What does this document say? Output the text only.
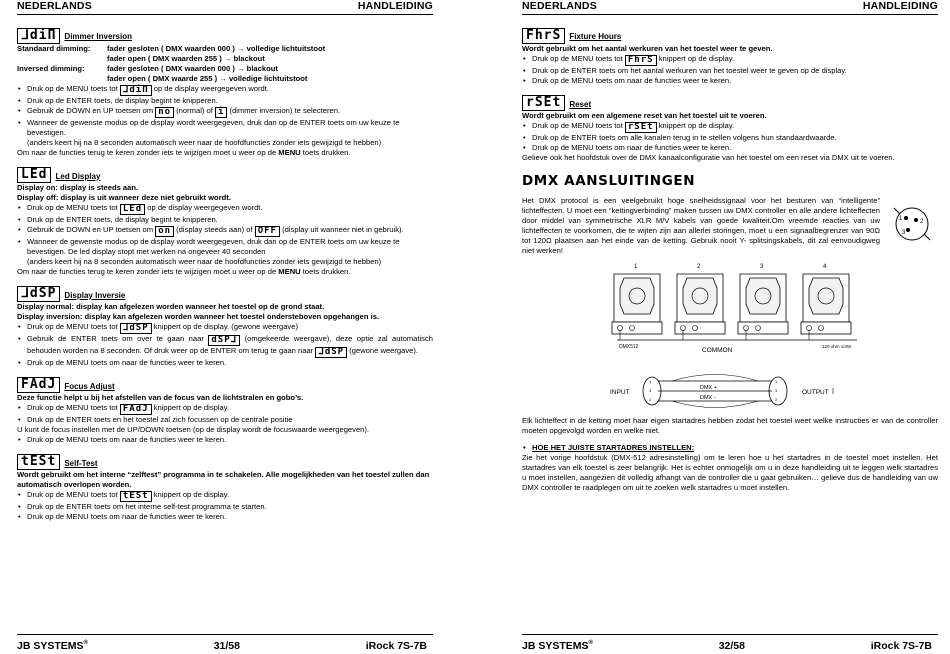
NEDERLANDS	HANDLEIDING
ᒧdiΠ	Dimmer Inversion
Standaard dimming:	fader gesloten ( DMX waarden 000 ) → volledige lichtuitstoot
fader open ( DMX waarden 255 ) → blackout
Inversed dimming:	fader gesloten ( DMX waarden 000 ) → blackout
fader open ( DMX waarde 255 ) → volledige lichtuitstoot
• Druk op de MENU toets tot ᒧdiΠ op de display weergegeven wordt.
• Druk op de ENTER toets, de display begint te knipperen.
• Gebruik de DOWN en UP toetsen om no (normal) of i (dimmer inversion) te selecteren.
• Wanneer de gewenste modus op de display wordt weergegeven, druk dan op de ENTER toets om uw keuze te bevestigen.

(anders keert hij na 8 seconden automatisch weer naar de hoofdfuncties zonder iets gewijzigd te hebben)

Om naar de functies terug te keren zonder iets te wijzigen moet u weer op de MENU toets drukken.

LEd	Led Display

Display on: display is steeds aan.

Display off: display is uit wanneer deze niet gebruikt wordt.

• Druk op de MENU toets tot LEd op de display weergegeven wordt.
• Druk op de ENTER toets, de display begint te knipperen.
• Gebruik de DOWN en UP toetsen om on (display steeds aan) of OFF (display uit wanneer niet in gebruik).
• Wanneer de gewenste modus op de display wordt weergegeven, druk dan op de ENTER toets om uw keuze te bevestigen. De led display stopt met werken na ongeveer 40 seconden

(anders keert hij na 8 seconden automatisch weer naar de hoofdfuncties zonder iets gewijzigd te hebben)

Om naar de functies terug te keren zonder iets te wijzigen moet u weer op de MENU toets drukken.

ᒧdSP	Display Inversie

Display normal: display kan afgelezen worden wanneer het toestel op de grond staat.

Display inversion: display kan afgelezen worden wanneer het toestel ondersteboven opgehangen is.

• Druk op de MENU toets tot ᒧdSP knippert op de display. (gewone weergave)
• Gebruik de ENTER toets om over te gaan naar dSPᒧ (omgekeerde weergave), deze optie zal automatisch behouden worden na 8 seconden. Of druk weer op de ENTER om terug te gaan naar ᒧdSP (gewone weergave).
• Druk op de MENU toets om naar de functies weer te keren.
FAdJ	Focus Adjust

Deze functie helpt u bij het afstellen van de focus van de lichtstralen en gobo’s.

• Druk op de MENU toets tot FAdJ knippert op de display.
• Druk op de ENTER toets en het toestel zal zich focussen op de centrale positie

U kunt de focus instellen met de UP/DOWN toetsen (op de display wordt de focuswaarde weergegeven).

• Druk op de MENU toets om naar de functies weer te keren.
tESt	Self-Test

Wordt gebruikt om het interne “zelftest” programma in te schakelen. Alle mogelijkheden van het toestel zullen dan automatisch overlopen worden.

• Druk op de MENU toets tot tESt knippert op de display.
• Druk op de ENTER toets om het interne self-test programma te starten.
• Druk op de MENU toets om naar de functies weer te keren.
JB SYSTEMS®	31/58	iRock 7S-7B
NEDERLANDS	HANDLEIDING
FhrS	Fixture Hours

Wordt gebruikt om het aantal werkuren van het toestel weer te geven.

• Druk op de MENU toets tot FhrS knippert op de display.
• Druk op de ENTER toets om het aantal werkuren van het toestel weer te geven op de display.
• Druk op de MENU toets om naar de functies weer te keren.
rSEt	Reset

Wordt gebruikt om een algemene reset van het toestel uit te voeren.

• Druk op de MENU toets tot rSEt knippert op de display.
• Druk op de ENTER toets om alle kanalen terug in te stellen volgens hun standaardwaarde.
• Druk op de MENU toets om naar de functies weer te keren.

Gelieve ook het hoofdstuk over de DMX kanaalconfiguratie van het toestel om een reset via DMX uit te voeren.

DMX AANSLUITINGEN

Het DMX protocol is een veelgebruikt hoge snelheidssignaal voor het besturen van “intelligente” lichteffecten. U moet een “kettingverbinding” maken tussen uw DMX controller en alle andere lichteffecten door middel van symmetrische XLR M/V kabels van goede kwaliteit.Om vreemde reacties van uw lichteffecten te voorkomen, die te wijten zijn aan allerlei storingen, moet u een signaalbegrenzer van 90Ω tot 120Ω plaatsen aan het einde van de ketting. Gebruik nooit Y- splitsingskabels, dit zal eenvoudigweg niet werken!

1	2
3
1	2	3	4
DMX512	COMMON
120 ohm 1/4W
INPUT	OUTPUT
1
3
2
1
3
2
DMX +
DMX -

Elk lichteffect in de ketting moet haar eigen startadres hebben zodat het toestel weet welke instructies er van de controller moeten opgevolgd worden en welke niet.

• HOE HET JUISTE STARTADRES INSTELLEN:

Zie het vorige hoofdstuk (DMX-512 adresinstelling) om te leren hoe u het startadres in de toestel moet instellen. Het startadres van elk toestel is zeer belangrijk. Het is echter onmogelijk om u in deze handleiding uit te leggen welk startadres u moet instellen, aangezien dit volledig afhangt van de controller die u gaat gebruiken… gelieve dus de handleiding van uw DMX controller te raadplegen om uit te zoeken welk startadres u moet instellen.

JB SYSTEMS®	32/58	iRock 7S-7B
